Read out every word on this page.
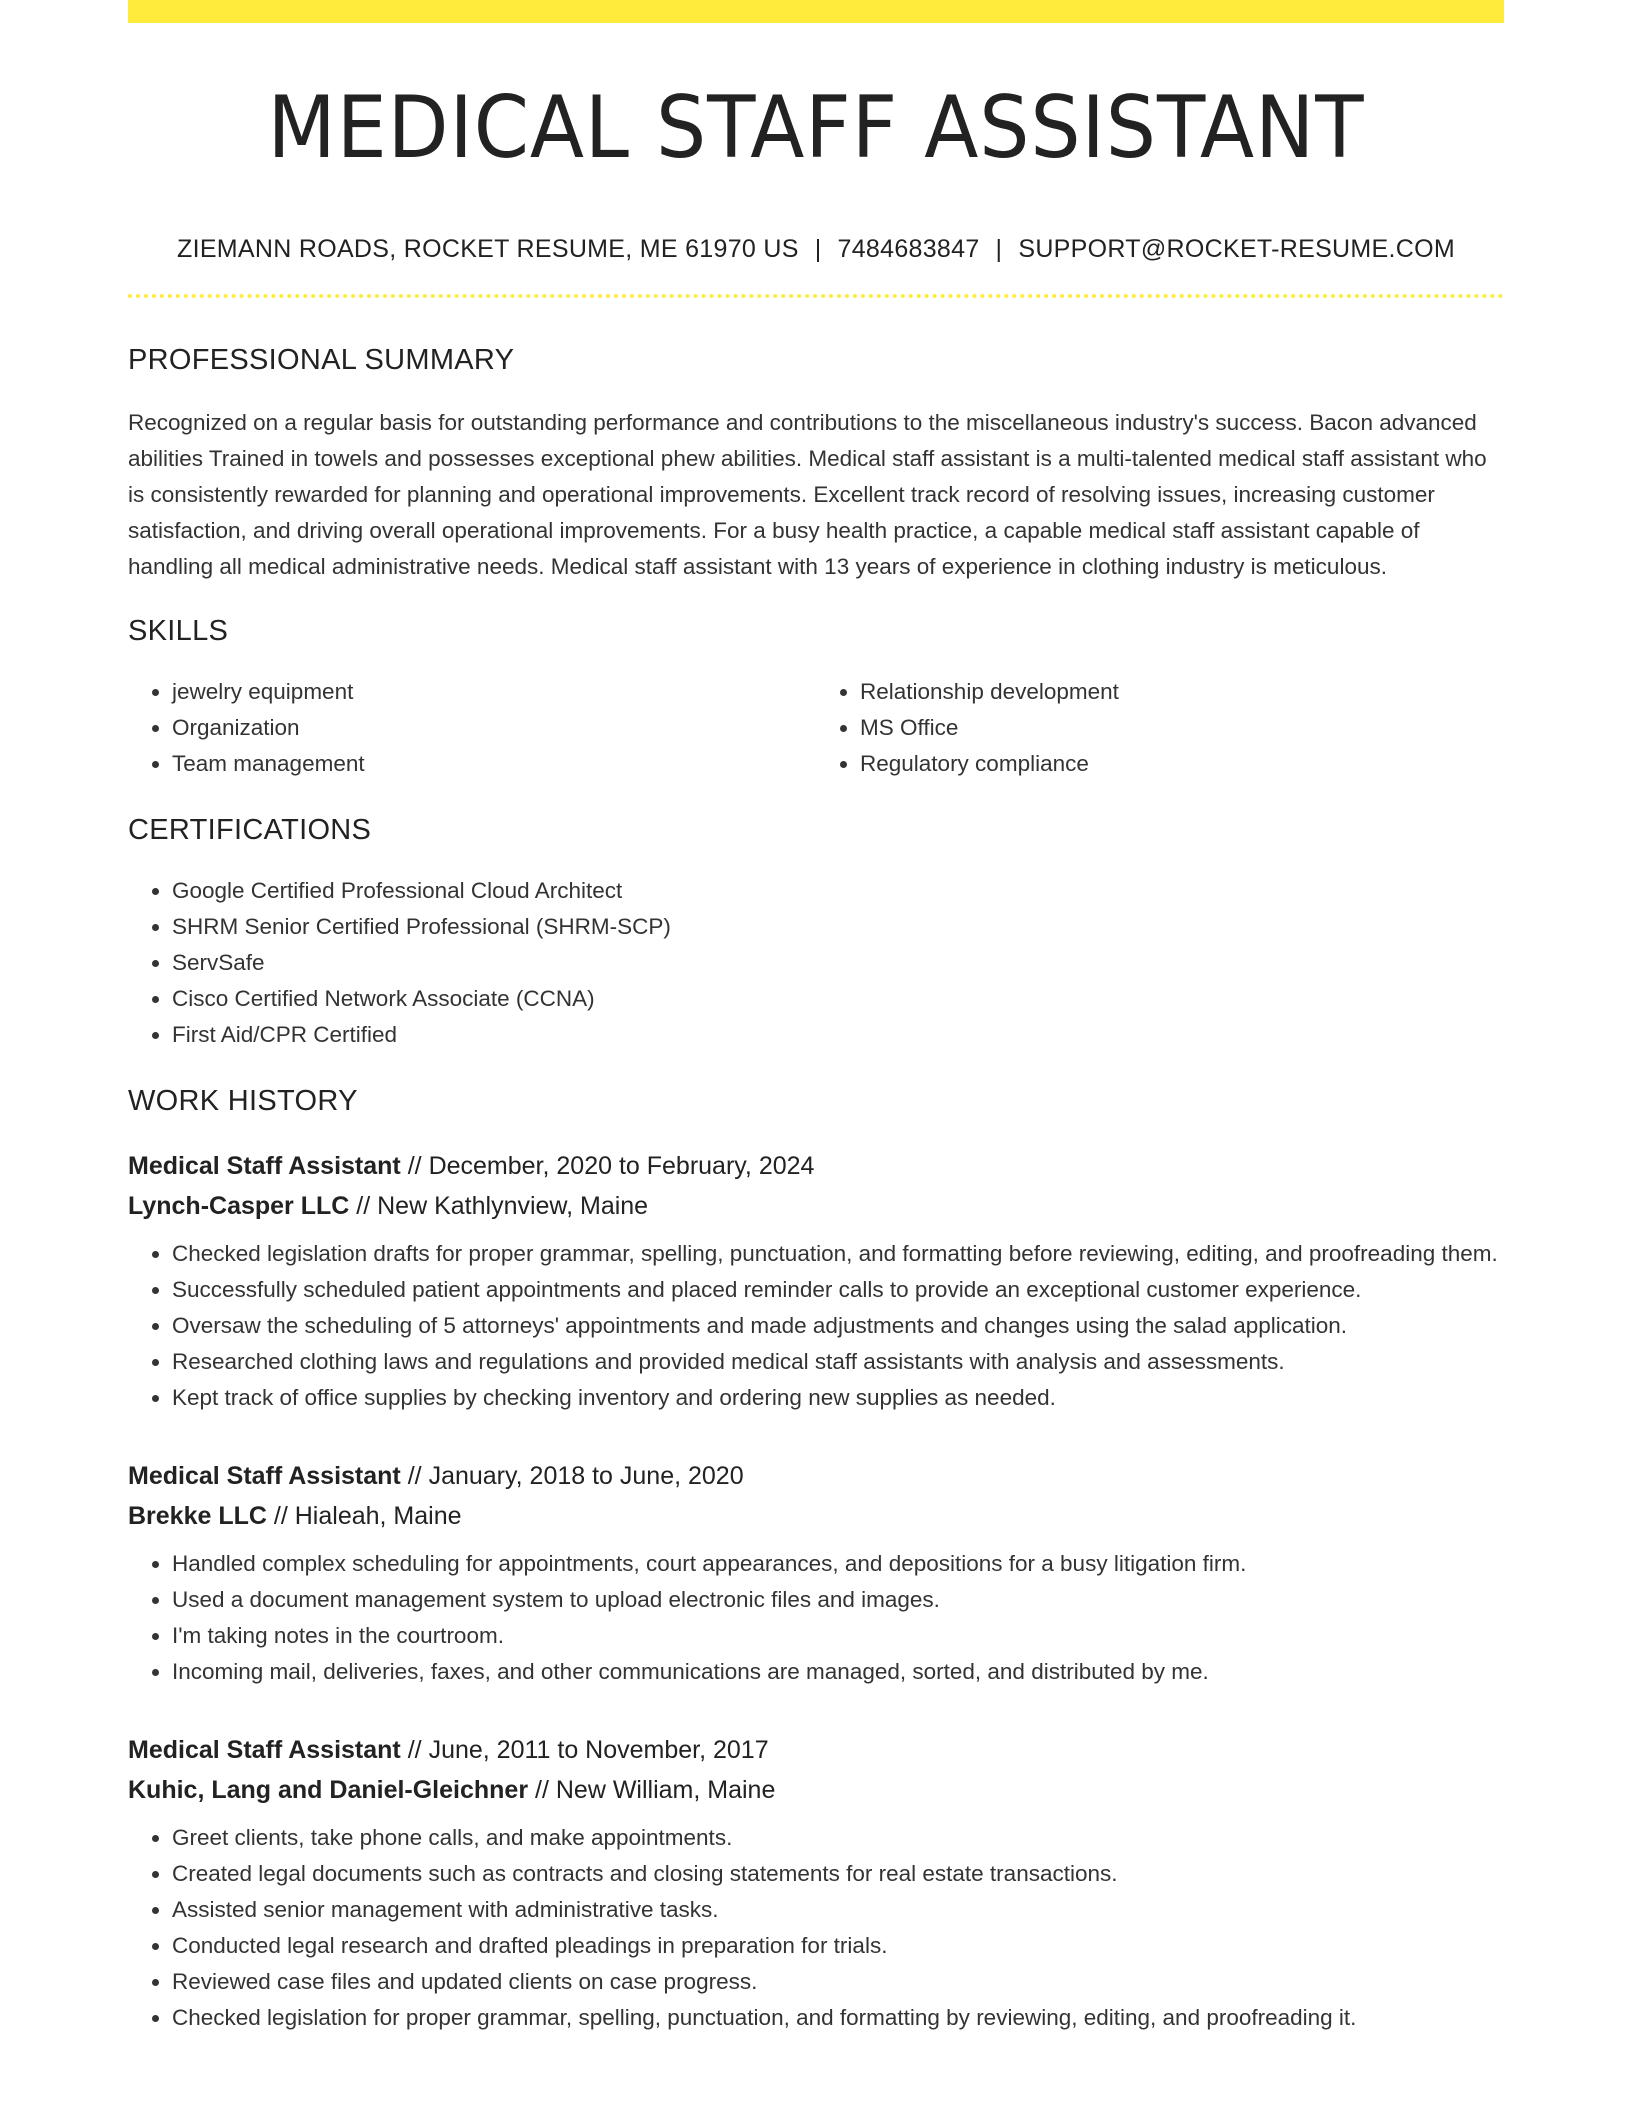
MEDICAL STAFF ASSISTANT
ZIEMANN ROADS, ROCKET RESUME, ME 61970 US | 7484683847 | SUPPORT@ROCKET-RESUME.COM
PROFESSIONAL SUMMARY

Recognized on a regular basis for outstanding performance and contributions to the miscellaneous industry's success. Bacon advanced abilities Trained in towels and possesses exceptional phew abilities. Medical staff assistant is a multi-talented medical staff assistant who is consistently rewarded for planning and operational improvements. Excellent track record of resolving issues, increasing customer satisfaction, and driving overall operational improvements. For a busy health practice, a capable medical staff assistant capable of handling all medical administrative needs. Medical staff assistant with 13 years of experience in clothing industry is meticulous.

SKILLS
• jewelry equipment
• Organization
• Team management
• Relationship development
• MS Office
• Regulatory compliance
CERTIFICATIONS
• Google Certified Professional Cloud Architect
• SHRM Senior Certified Professional (SHRM-SCP)
• ServSafe
• Cisco Certified Network Associate (CCNA)
• First Aid/CPR Certified
WORK HISTORY
Medical Staff Assistant // December, 2020 to February, 2024
Lynch-Casper LLC // New Kathlynview, Maine
• Checked legislation drafts for proper grammar, spelling, punctuation, and formatting before reviewing, editing, and proofreading them.
• Successfully scheduled patient appointments and placed reminder calls to provide an exceptional customer experience.
• Oversaw the scheduling of 5 attorneys' appointments and made adjustments and changes using the salad application.
• Researched clothing laws and regulations and provided medical staff assistants with analysis and assessments.
• Kept track of office supplies by checking inventory and ordering new supplies as needed.
Medical Staff Assistant // January, 2018 to June, 2020
Brekke LLC // Hialeah, Maine
• Handled complex scheduling for appointments, court appearances, and depositions for a busy litigation firm.
• Used a document management system to upload electronic files and images.
• I'm taking notes in the courtroom.
• Incoming mail, deliveries, faxes, and other communications are managed, sorted, and distributed by me.
Medical Staff Assistant // June, 2011 to November, 2017
Kuhic, Lang and Daniel-Gleichner // New William, Maine
• Greet clients, take phone calls, and make appointments.
• Created legal documents such as contracts and closing statements for real estate transactions.
• Assisted senior management with administrative tasks.
• Conducted legal research and drafted pleadings in preparation for trials.
• Reviewed case files and updated clients on case progress.
• Checked legislation for proper grammar, spelling, punctuation, and formatting by reviewing, editing, and proofreading it.
